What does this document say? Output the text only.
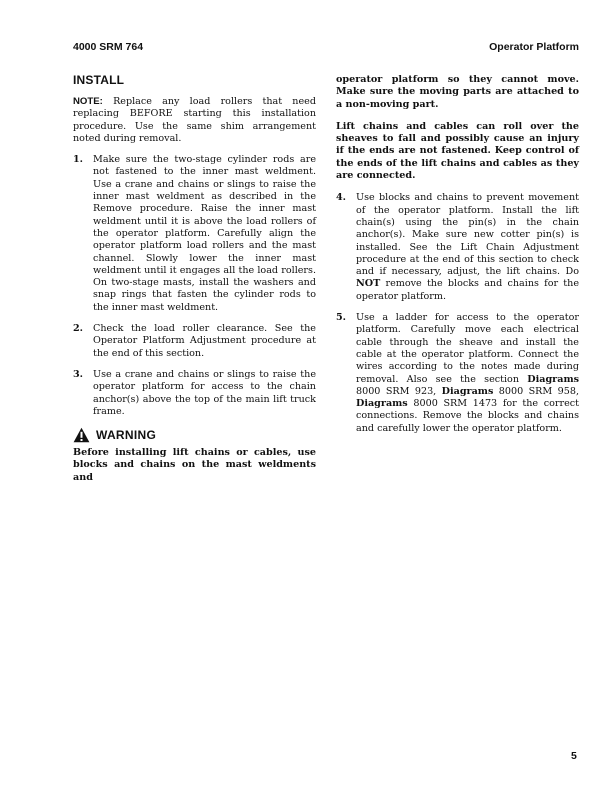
4000 SRM 764	Operator Platform
INSTALL

NOTE: Replace any load rollers that need replacing BEFORE starting this installation procedure. Use the same shim arrangement noted during removal.

1. Make sure the two-stage cylinder rods are not fastened to the inner mast weldment. Use a crane and chains or slings to raise the inner mast weldment as described in the Remove procedure. Raise the inner mast weldment until it is above the load rollers of the operator platform. Carefully align the operator platform load rollers and the mast channel. Slowly lower the inner mast weldment until it engages all the load rollers. On two-stage masts, install the washers and snap rings that fasten the cylinder rods to the inner mast weldment.
2. Check the load roller clearance. See the Operator Platform Adjustment procedure at the end of this section.
3. Use a crane and chains or slings to raise the operator platform for access to the chain anchor(s) above the top of the main lift truck frame.
WARNING

Before installing lift chains or cables, use blocks and chains on the mast weldments and

operator platform so they cannot move. Make sure the moving parts are attached to a non-moving part.

Lift chains and cables can roll over the sheaves to fall and possibly cause an injury if the ends are not fastened. Keep control of the ends of the lift chains and cables as they are connected.

4. Use blocks and chains to prevent movement of the operator platform. Install the lift chain(s) using the pin(s) in the chain anchor(s). Make sure new cotter pin(s) is installed. See the Lift Chain Adjustment procedure at the end of this section to check and if necessary, adjust, the lift chains. Do NOT remove the blocks and chains for the operator platform.
5. Use a ladder for access to the operator platform. Carefully move each electrical cable through the sheave and install the cable at the operator platform. Connect the wires according to the notes made during removal. Also see the section Diagrams 8000 SRM 923, Diagrams 8000 SRM 958, Diagrams 8000 SRM 1473 for the correct connections. Remove the blocks and chains and carefully lower the operator platform.
5
